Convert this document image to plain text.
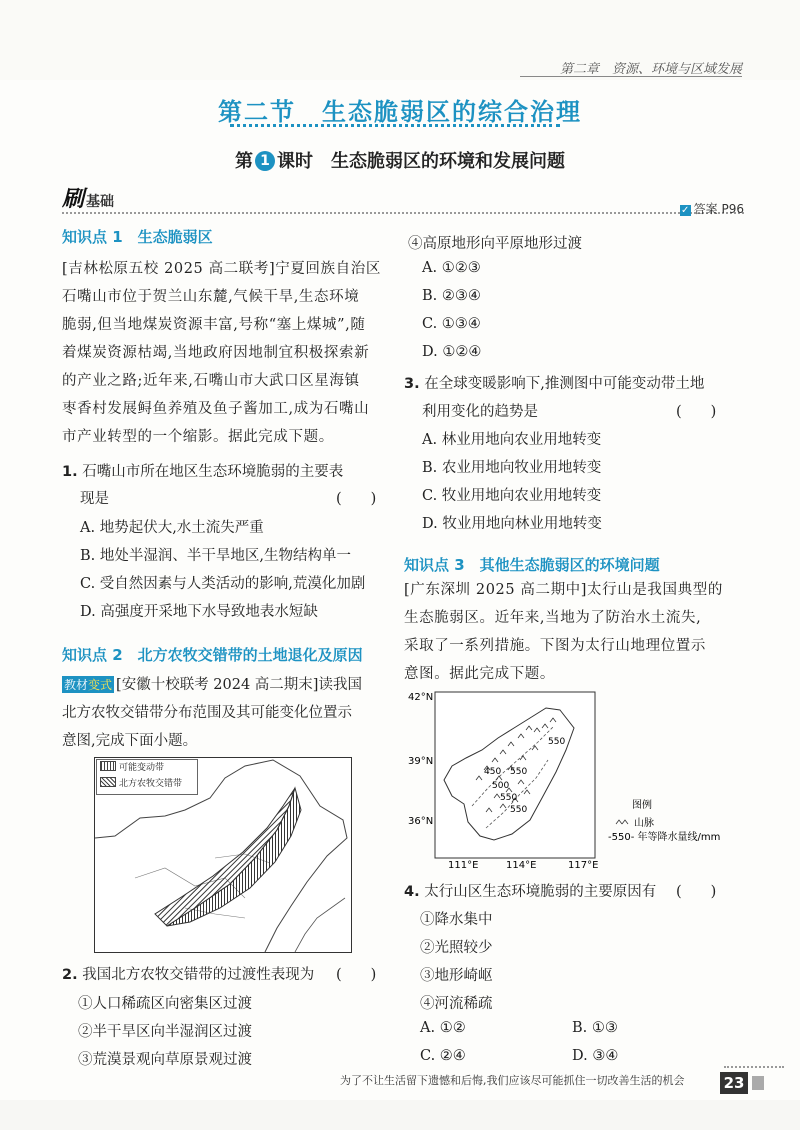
第二章　资源、环境与区域发展
第二节　生态脆弱区的综合治理
第 1 课时　生态脆弱区的环境和发展问题
刷基础
✓ 答案 P96
知识点 1　生态脆弱区
[吉林松原五校 2025 高二联考]宁夏回族自治区
石嘴山市位于贺兰山东麓,气候干旱,生态环境
脆弱,但当地煤炭资源丰富,号称“塞上煤城”,随
着煤炭资源枯竭,当地政府因地制宜积极探索新
的产业之路;近年来,石嘴山市大武口区星海镇
枣香村发展鲟鱼养殖及鱼子酱加工,成为石嘴山
市产业转型的一个缩影。据此完成下题。
1. 石嘴山市所在地区生态环境脆弱的主要表
现是	(　　)
A. 地势起伏大,水土流失严重
B. 地处半湿润、半干旱地区,生物结构单一
C. 受自然因素与人类活动的影响,荒漠化加剧
D. 高强度开采地下水导致地表水短缺
知识点 2　北方农牧交错带的土地退化及原因
教材变式 [安徽十校联考 2024 高二期末]读我国
北方农牧交错带分布范围及其可能变化位置示
意图,完成下面小题。
可能变动带
北方农牧交错带
2. 我国北方农牧交错带的过渡性表现为 (　　)
①人口稀疏区向密集区过渡
②半干旱区向半湿润区过渡
③荒漠景观向草原景观过渡
④高原地形向平原地形过渡
A. ①②③
B. ②③④
C. ①③④
D. ①②④
3. 在全球变暖影响下,推测图中可能变动带土地
利用变化的趋势是	(　　)
A. 林业用地向农业用地转变
B. 农业用地向牧业用地转变
C. 牧业用地向农业用地转变
D. 牧业用地向林业用地转变
知识点 3　其他生态脆弱区的环境问题
[广东深圳 2025 高二期中]太行山是我国典型的
生态脆弱区。近年来,当地为了防治水土流失,
采取了一系列措施。下图为太行山地理位置示
意图。据此完成下题。
42°N
39°N
36°N
111°E	114°E	117°E
550
450 550
500
550
550	图例
山脉
-550- 年等降水量线/mm
4. 太行山区生态环境脆弱的主要原因有 (　　)
①降水集中
②光照较少
③地形崎岖
④河流稀疏
A. ①②	B. ①③
C. ②④	D. ③④
为了不让生活留下遗憾和后悔,我们应该尽可能抓住一切改善生活的机会	23
